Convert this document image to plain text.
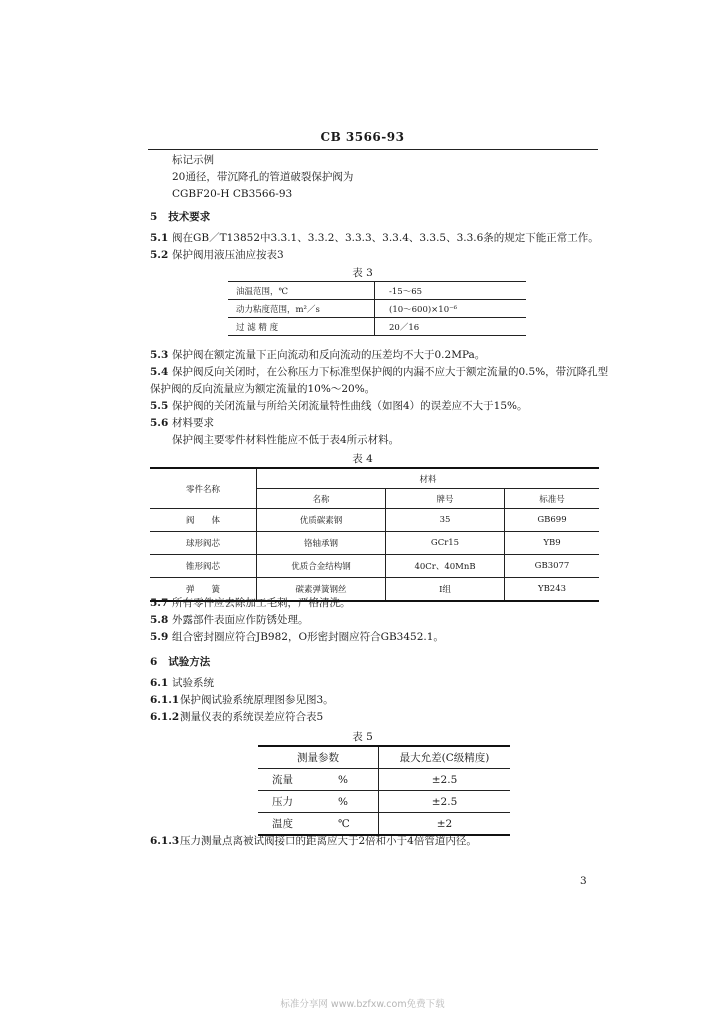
CB 3566-93
标记示例
20通径，带沉降孔的管道破裂保护阀为
CGBF20-H CB3566-93
5 技术要求
5.1 阀在GB／T13852中3.3.1、3.3.2、3.3.3、3.3.4、3.3.5、3.3.6条的规定下能正常工作。
5.2 保护阀用液压油应按表3
表 3
油温范围，℃	-15～65
动力粘度范围，m²／s	(10～600)×10⁻⁶
过 滤 精 度	20／16
5.3 保护阀在额定流量下正向流动和反向流动的压差均不大于0.2MPa。
5.4 保护阀反向关闭时，在公称压力下标准型保护阀的内漏不应大于额定流量的0.5%，带沉降孔型
保护阀的反向流量应为额定流量的10%～20%。
5.5 保护阀的关闭流量与所给关闭流量特性曲线（如图4）的误差应不大于15%。
5.6 材料要求
保护阀主要零件材料性能应不低于表4所示材料。
表 4
零件名称	材料		
	名称	牌号	标准号
阀　　体	优质碳素钢	35	GB699
球形阀芯	铬轴承钢	GCr15	YB9
锥形阀芯	优质合金结构钢	40Cr、40MnB	GB3077
弹　　簧	碳素弹簧钢丝	Ⅰ组	YB243
5.7 所有零件应去除加工毛刺，严格清洗。
5.8 外露部件表面应作防锈处理。
5.9 组合密封圈应符合JB982，O形密封圈应符合GB3452.1。
6 试验方法
6.1 试验系统
6.1.1保护阀试验系统原理图参见图3。
6.1.2测量仪表的系统误差应符合表5
表 5
测量参数		最大允差(C级精度)
流量	%	±2.5
压力	%	±2.5
温度	℃	±2
6.1.3压力测量点离被试阀接口的距离应大于2倍和小于4倍管道内径。
3
标准分享网 www.bzfxw.com免费下载
